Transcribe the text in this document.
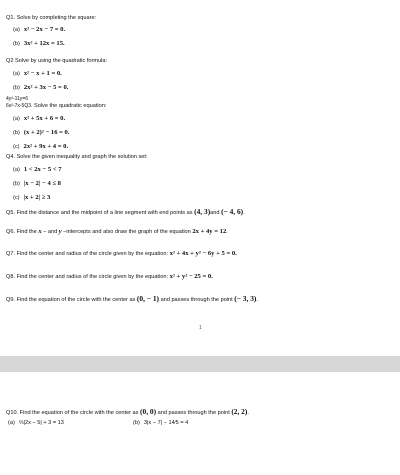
Q1. Solve by completing the square:
(a) x² − 2x − 7 = 0.
(b) 3x² + 12x = 15.
Q2 Solve by using the quadratic formula:
(a) x² − x + 1 = 0.
(b) 2x² + 3x − 5 = 0.
4y²-11y=6
6x²-7x-5Q3. Solve the quadratic equation:
(a) x² + 5x + 6 = 0.
(b) (x + 2)² − 16 = 0.
(c) 2x² + 9x + 4 = 0.
Q4. Solve the given inequality and graph the solution set:
(a) 1 < 2x − 5 < 7
(b) |x − 2| − 4 ≤ 8
(c) |x + 2| ≥ 3
Q5. Find the distance and the midpoint of a line segment with end points as (4, 3)and (− 4, 6).
Q6. Find the x – and y –intercepts and also draw the graph of the equation 2x + 4y = 12.
Q7. Find the center and radius of the circle given by the equation: x² + 4x + y² − 6y + 5 = 0.
Q8. Find the center and radius of the circle given by the equation: x² + y² − 25 = 0.
Q9. Find the equation of the circle with the center as (0, − 1) and passes through the point (− 3, 3).
1
Q10. Find the equation of the circle with the center as (0, 0) and passes through the point (2, 2).
(a) ⅔|2x − 5| + 3 = 13	(b) 3|x − 7| − 14⁄5 = 4
